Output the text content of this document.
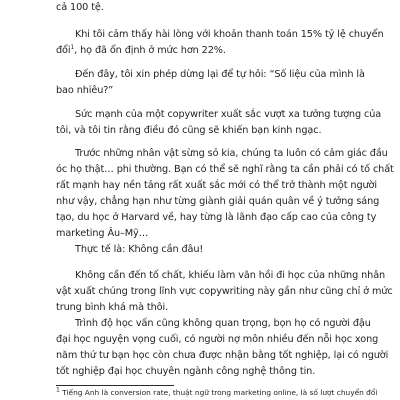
cả 100 tệ.

Khi tôi cảm thấy hài lòng với khoản thanh toán 15% tỷ lệ chuyển
đổi$^1$, họ đã ổn định ở mức hơn 22%.

Đến đây, tôi xin phép dừng lại để tự hỏi: “Số liệu của mình là
bao nhiêu?”

Sức mạnh của một copywriter xuất sắc vượt xa tưởng tượng của
tôi, và tôi tin rằng điều đó cũng sẽ khiến bạn kinh ngạc.

Trước những nhân vật sừng sỏ kia, chúng ta luôn có cảm giác đầu
óc họ thật… phi thường. Bạn có thể sẽ nghĩ rằng ta cần phải có tố chất
rất mạnh hay nền tảng rất xuất sắc mới có thể trở thành một người
như vậy, chẳng hạn như từng giành giải quán quân về ý tưởng sáng
tạo, du học ở Harvard về, hay từng là lãnh đạo cấp cao của công ty
marketing Âu–Mỹ…

Thực tế là: Không cần đâu!

Không cần đến tố chất, khiếu làm văn hồi đi học của những nhân
vật xuất chúng trong lĩnh vực copywriting này gần như cũng chỉ ở mức
trung bình khá mà thôi.

Trình độ học vấn cũng không quan trọng, bọn họ có người đậu
đại học nguyện vọng cuối, có người nợ môn nhiều đến nỗi học xong
năm thứ tư bạn học còn chưa được nhận bằng tốt nghiệp, lại có người
tốt nghiệp đại học chuyên ngành công nghệ thông tin.

$^1$ Tiếng Anh là conversion rate, thuật ngữ trong marketing online, là số lượt chuyển đổi
